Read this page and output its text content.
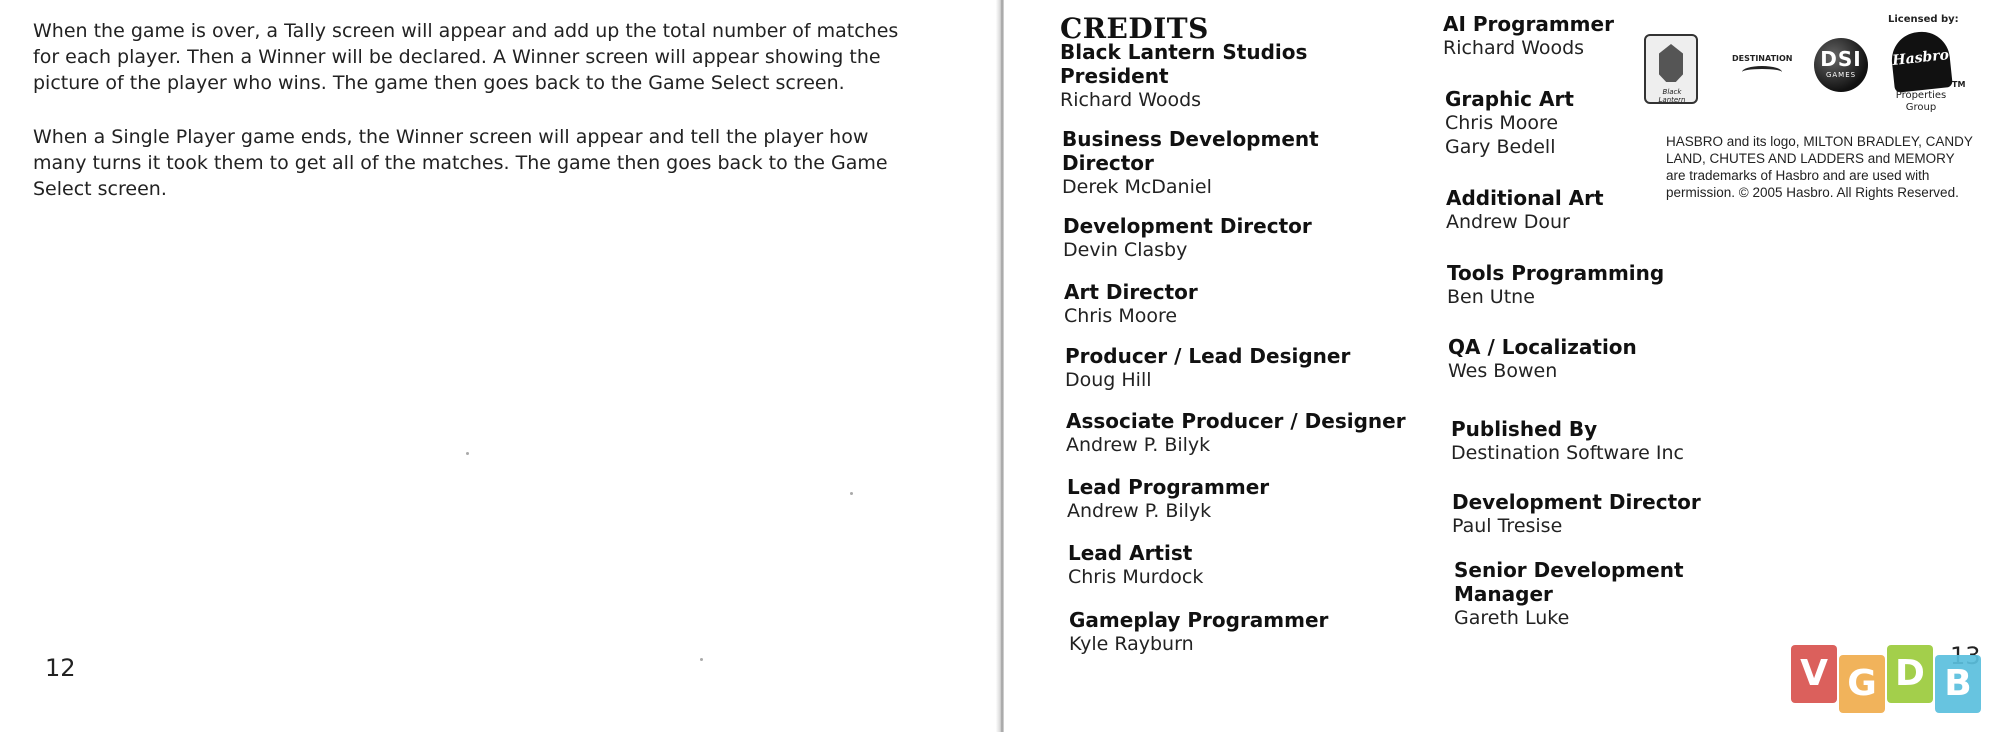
When the game is over, a Tally screen will appear and add up the total number of matches for each player. Then a Winner will be declared. A Winner screen will appear showing the picture of the player who wins. The game then goes back to the Game Select screen.

When a Single Player game ends, the Winner screen will appear and tell the player how many turns it took them to get all of the matches. The game then goes back to the Game Select screen.

12
CREDITS
Black Lantern Studios
President
Richard Woods
Business Development
Director
Derek McDaniel
Development Director
Devin Clasby
Art Director
Chris Moore
Producer / Lead Designer
Doug Hill
Associate Producer / Designer
Andrew P. Bilyk
Lead Programmer
Andrew P. Bilyk
Lead Artist
Chris Murdock
Gameplay Programmer
Kyle Rayburn
AI Programmer
Richard Woods
Graphic Art
Chris Moore
Gary Bedell
Additional Art
Andrew Dour
Tools Programming
Ben Utne
QA / Localization
Wes Bowen
Published By
Destination Software Inc
Development Director
Paul Tresise
Senior Development
Manager
Gareth Luke
Licensed by:
Black Lantern
DESTINATION	DSI
GAMES
Hasbro
TM
Properties Group

HASBRO and its logo, MILTON BRADLEY, CANDY LAND, CHUTES AND LADDERS and MEMORY are trademarks of Hasbro and are used with permission. © 2005 Hasbro. All Rights Reserved.

V G D B
